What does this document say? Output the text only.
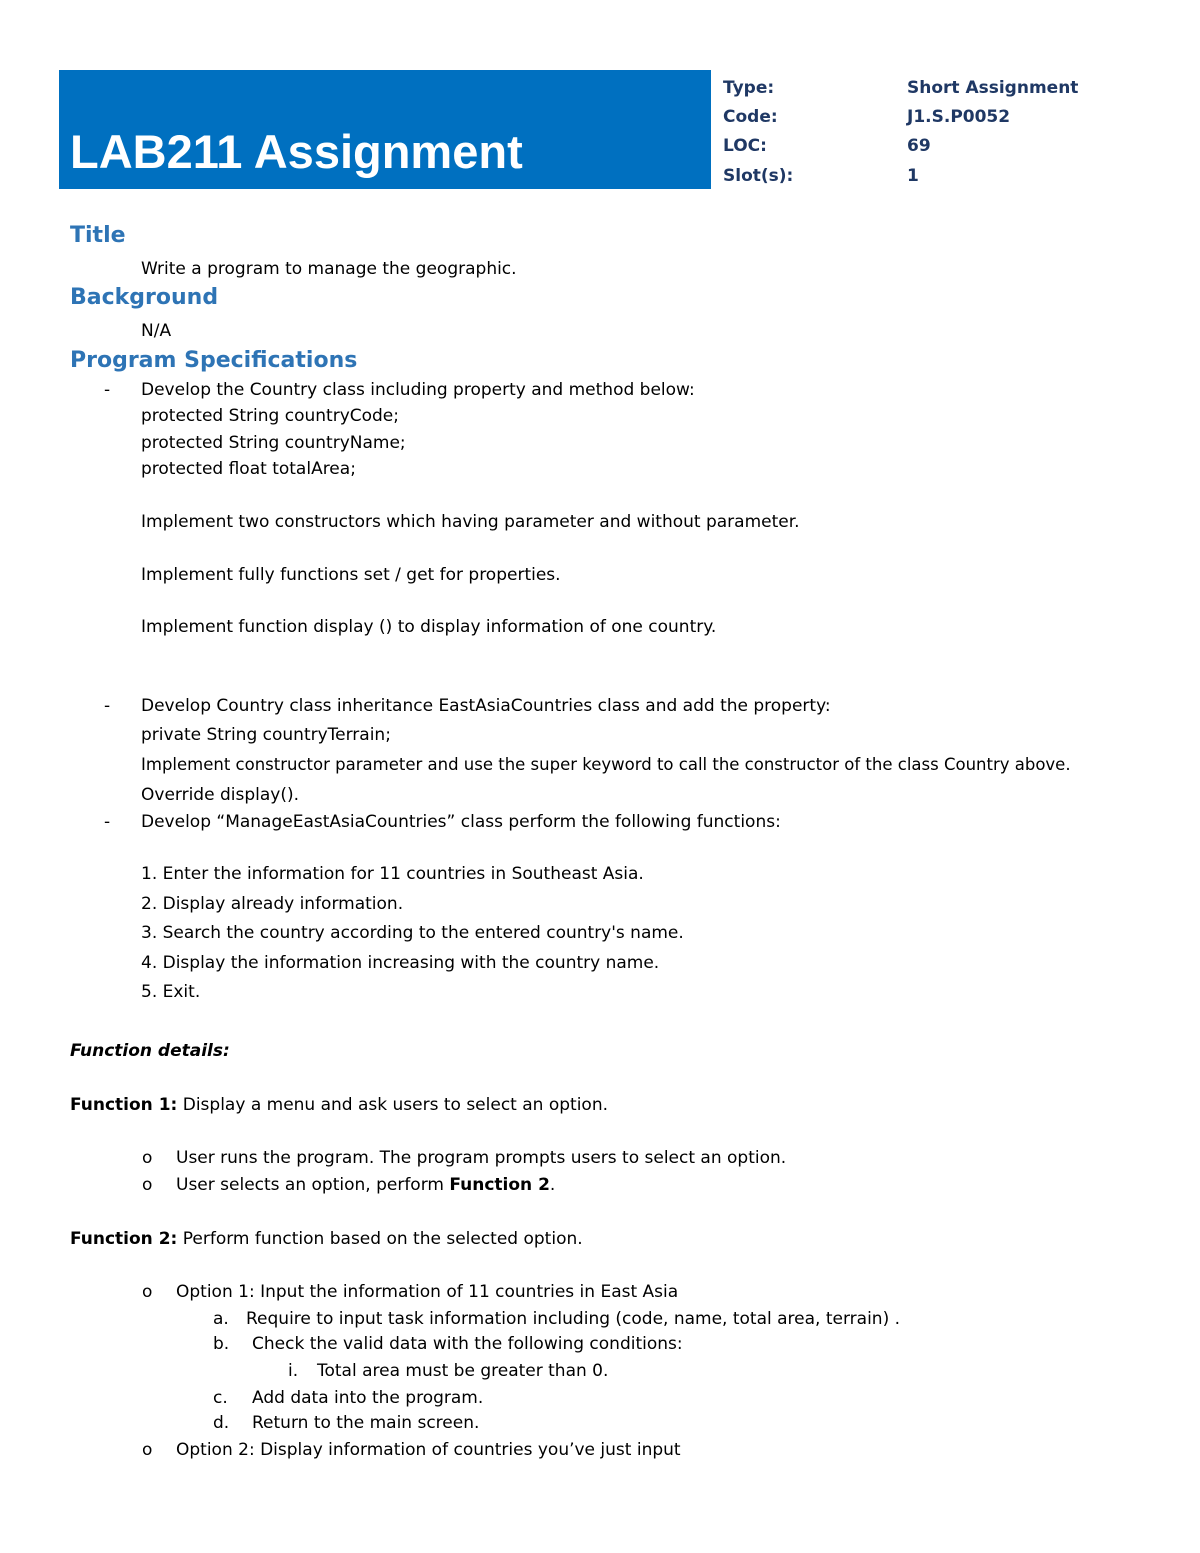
LAB211 Assignment
Type:	Short Assignment
Code:	J1.S.P0052
LOC:	69
Slot(s):	1
Title
Write a program to manage the geographic.
Background
N/A
Program Specifications
- Develop the Country class including property and method below:
protected String countryCode;
protected String countryName;
protected float totalArea;
Implement two constructors which having parameter and without parameter.
Implement fully functions set / get for properties.
Implement function display () to display information of one country.
- Develop Country class inheritance EastAsiaCountries class and add the property:
private String countryTerrain;
Implement constructor parameter and use the super keyword to call the constructor of the class Country above.
Override display().
- Develop “ManageEastAsiaCountries” class perform the following functions:
1. Enter the information for 11 countries in Southeast Asia.
2. Display already information.
3. Search the country according to the entered country's name.
4. Display the information increasing with the country name.
5. Exit.
Function details:
Function 1: Display a menu and ask users to select an option.
o User runs the program. The program prompts users to select an option.
o User selects an option, perform Function 2.
Function 2: Perform function based on the selected option.
o Option 1: Input the information of 11 countries in East Asia
a. Require to input task information including (code, name, total area, terrain) .
b. Check the valid data with the following conditions:
i. Total area must be greater than 0.
c. Add data into the program.
d. Return to the main screen.
o Option 2: Display information of countries you’ve just input
